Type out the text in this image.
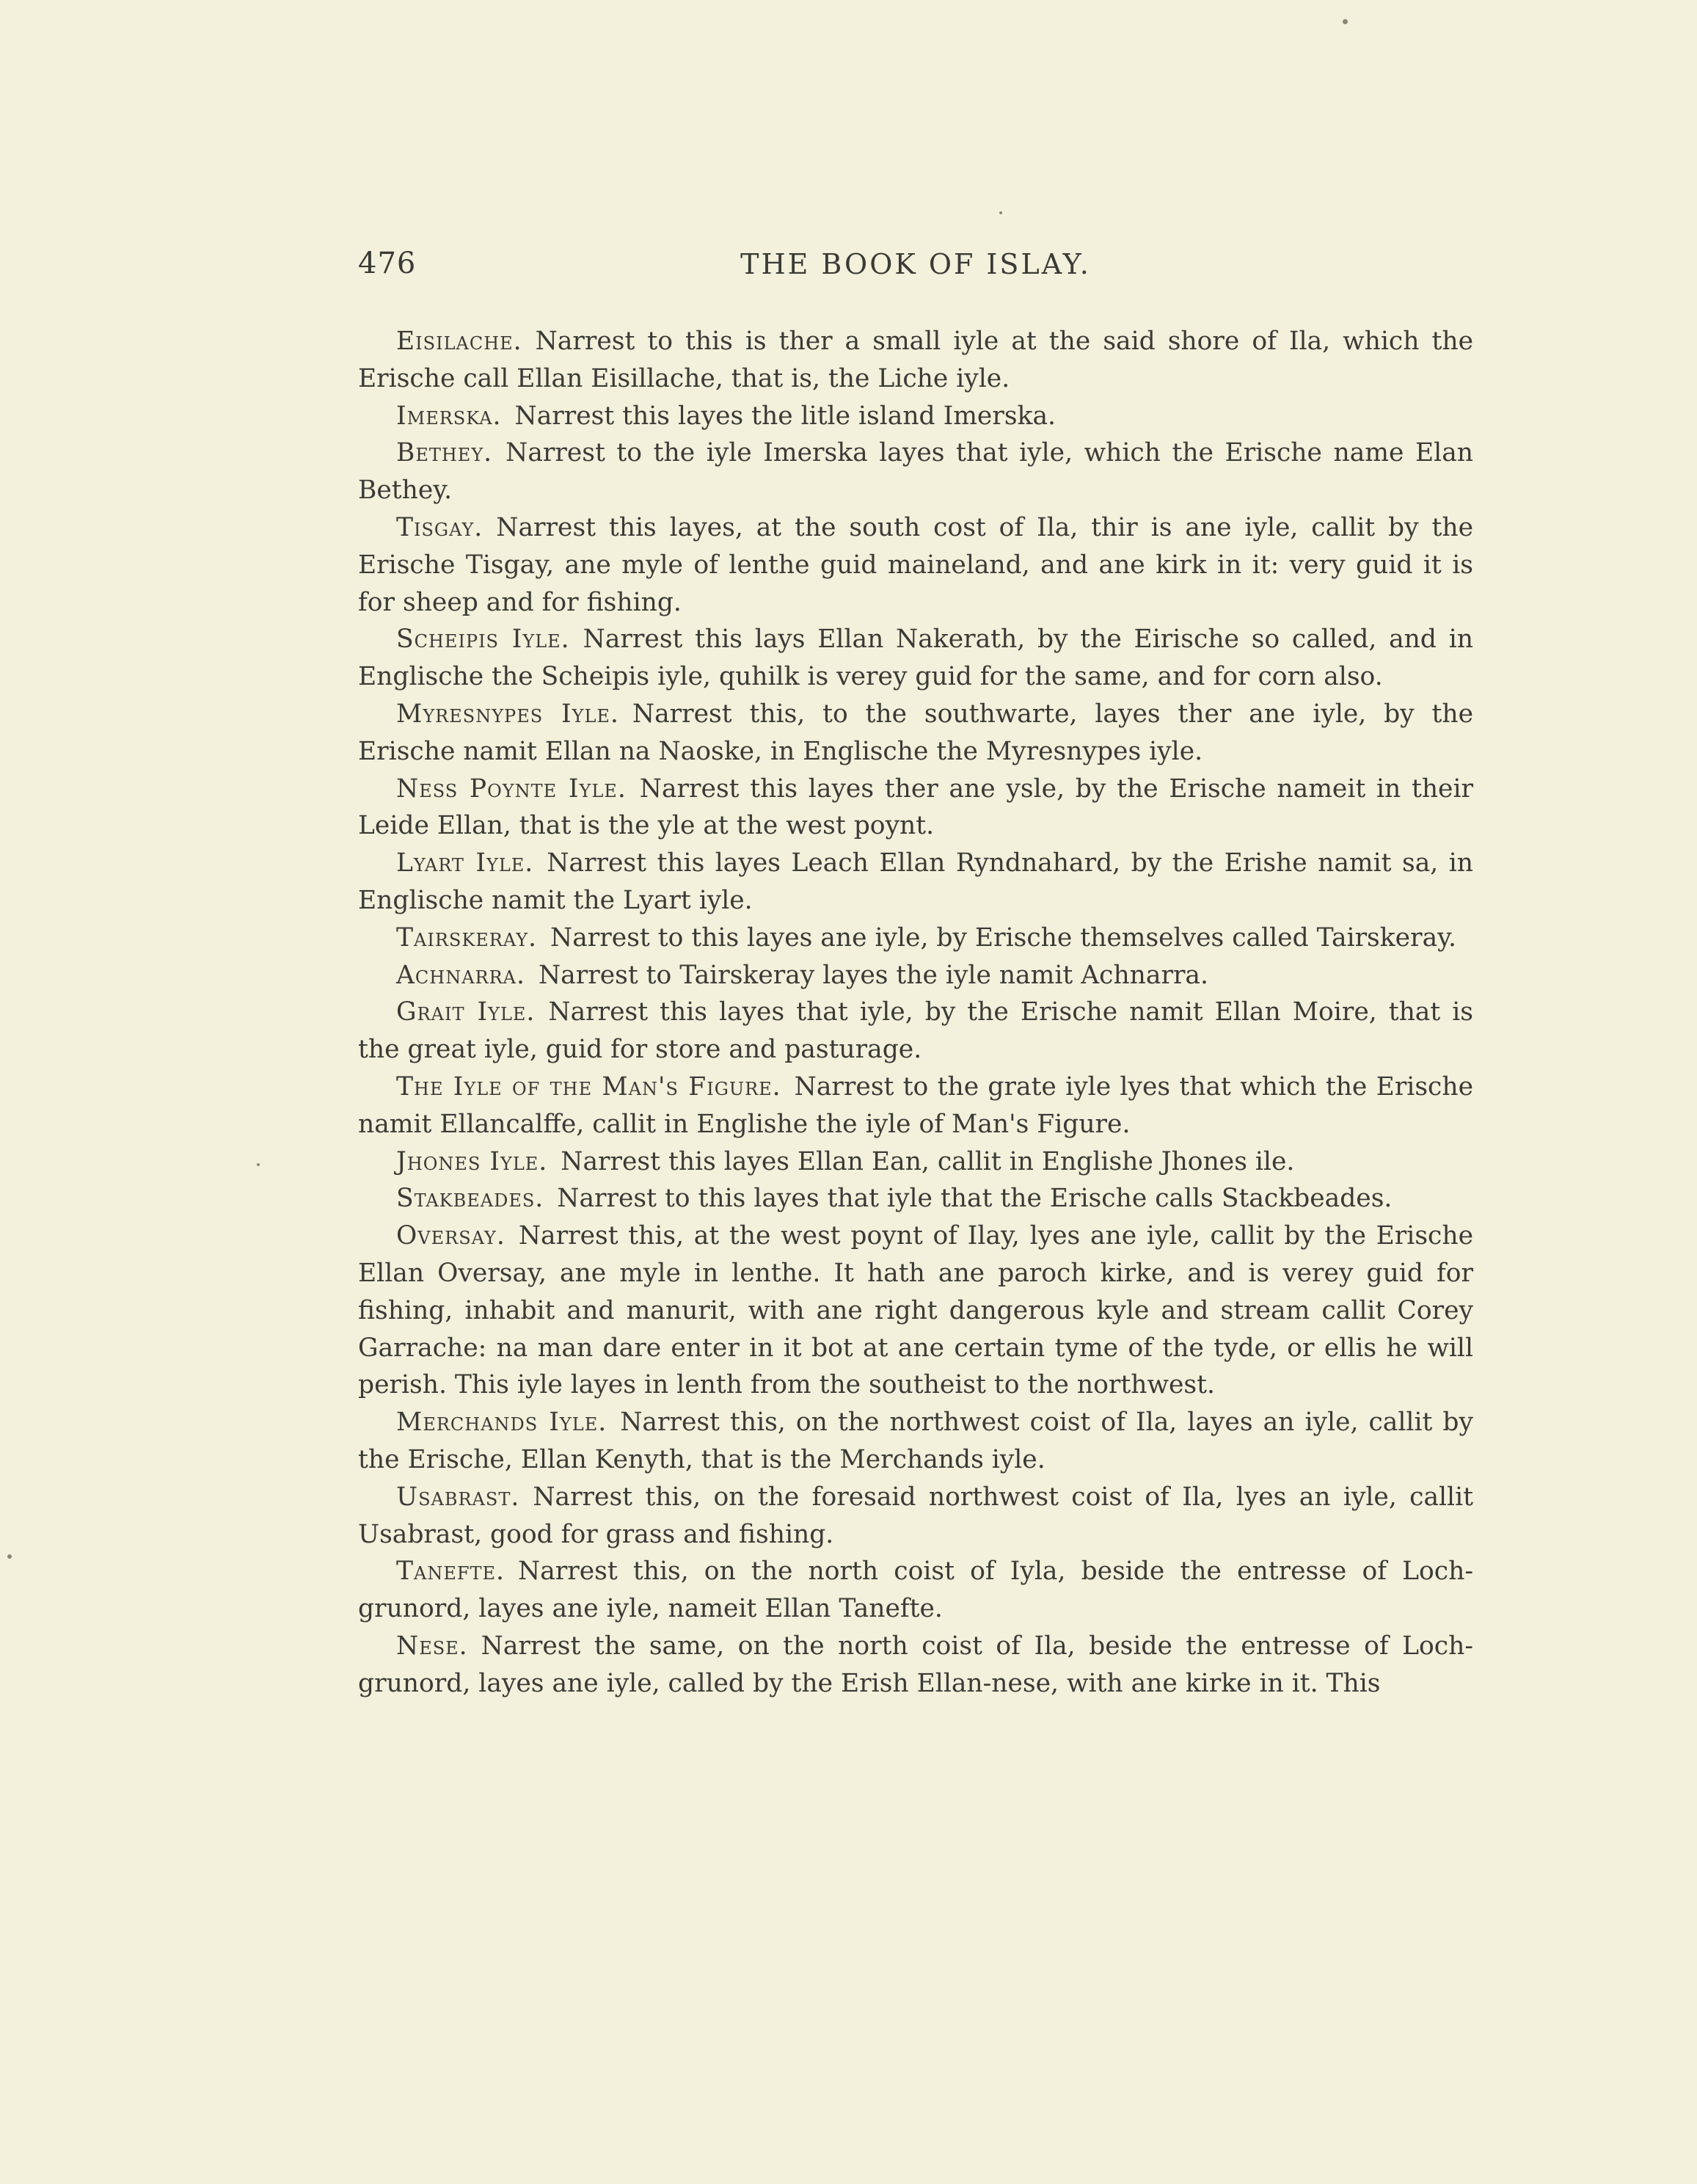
476	THE BOOK OF ISLAY.

Eisilache. Narrest to this is ther a small iyle at the said shore of Ila, which the Erische call Ellan Eisillache, that is, the Liche iyle.

Imerska. Narrest this layes the litle island Imerska.

Bethey. Narrest to the iyle Imerska layes that iyle, which the Erische name Elan Bethey.

Tisgay. Narrest this layes, at the south cost of Ila, thir is ane iyle, callit by the Erische Tisgay, ane myle of lenthe guid maineland, and ane kirk in it: very guid it is for sheep and for fishing.

Scheipis Iyle. Narrest this lays Ellan Nakerath, by the Eirische so called, and in Englische the Scheipis iyle, quhilk is verey guid for the same, and for corn also.

Myresnypes Iyle. Narrest this, to the southwarte, layes ther ane iyle, by the Erische namit Ellan na Naoske, in Englische the Myresnypes iyle.

Ness Poynte Iyle. Narrest this layes ther ane ysle, by the Erische nameit in their Leide Ellan, that is the yle at the west poynt.

Lyart Iyle. Narrest this layes Leach Ellan Ryndnahard, by the Erishe namit sa, in Englische namit the Lyart iyle.

Tairskeray. Narrest to this layes ane iyle, by Erische themselves called Tairskeray.

Achnarra. Narrest to Tairskeray layes the iyle namit Achnarra.

Grait Iyle. Narrest this layes that iyle, by the Erische namit Ellan Moire, that is the great iyle, guid for store and pasturage.

The Iyle of the Man's Figure. Narrest to the grate iyle lyes that which the Erische namit Ellancalffe, callit in Englishe the iyle of Man's Figure.

Jhones Iyle. Narrest this layes Ellan Ean, callit in Englishe Jhones ile.

Stakbeades. Narrest to this layes that iyle that the Erische calls Stackbeades.

Oversay. Narrest this, at the west poynt of Ilay, lyes ane iyle, callit by the Erische Ellan Oversay, ane myle in lenthe. It hath ane paroch kirke, and is verey guid for fishing, inhabit and manurit, with ane right dangerous kyle and stream callit Corey Garrache: na man dare enter in it bot at ane certain tyme of the tyde, or ellis he will perish. This iyle layes in lenth from the southeist to the northwest.

Merchands Iyle. Narrest this, on the northwest coist of Ila, layes an iyle, callit by the Erische, Ellan Kenyth, that is the Merchands iyle.

Usabrast. Narrest this, on the foresaid northwest coist of Ila, lyes an iyle, callit Usabrast, good for grass and fishing.

Tanefte. Narrest this, on the north coist of Iyla, beside the entresse of Loch-grunord, layes ane iyle, nameit Ellan Tanefte.

Nese. Narrest the same, on the north coist of Ila, beside the entresse of Loch-grunord, layes ane iyle, called by the Erish Ellan-nese, with ane kirke in it. This
